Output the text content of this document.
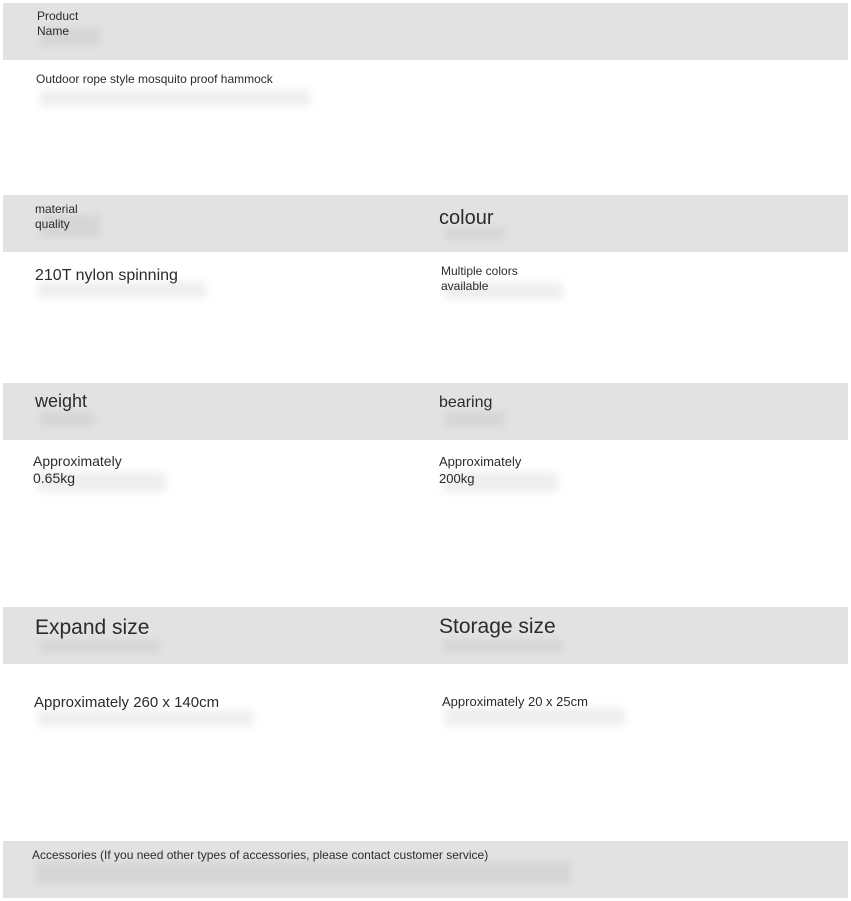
Product
Name
Outdoor rope style mosquito proof hammock
material
quality
210T nylon spinning
colour
Multiple colors
available
weight
Approximately
0.65kg
bearing
Approximately
200kg
Expand size
Approximately 260 x 140cm
Storage size
Approximately 20 x 25cm
Accessories (If you need other types of accessories, please contact customer service)
